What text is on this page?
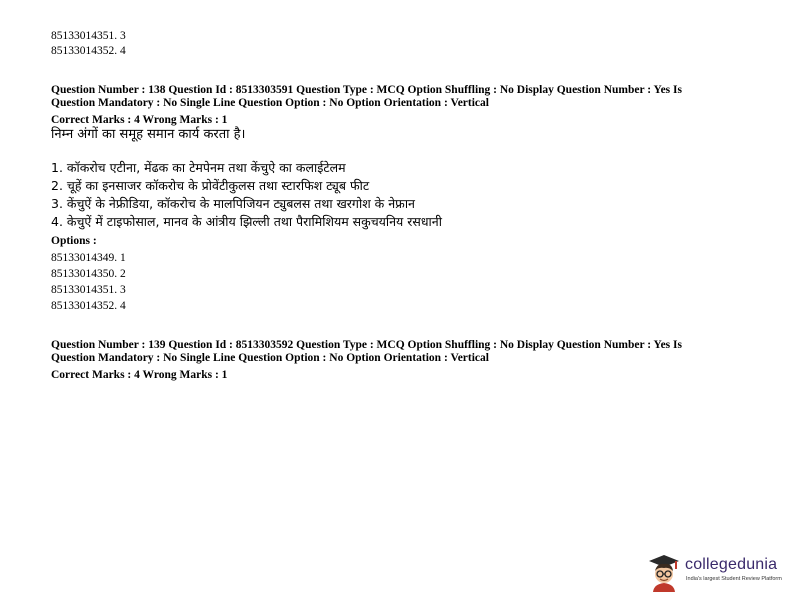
85133014351. 3
85133014352. 4
Question Number : 138 Question Id : 8513303591 Question Type : MCQ Option Shuffling : No Display Question Number : Yes Is
Question Mandatory : No Single Line Question Option : No Option Orientation : Vertical
Correct Marks : 4 Wrong Marks : 1
निम्न अंगों का समूह समान कार्य करता है।
1. कॉकरोच एटीना, मेंढक का टेमपेनम तथा केंचुऐ का कलाईटेलम
2. चूहें का इनसाजर कॉकरोच के प्रोवेंटीकुलस तथा स्टारफिश ट्यूब फीट
3. केंचुऐं के नेफ्रीडिया, कॉकरोच के मालपिजियन ट्युबलस तथा खरगोश के नेफ्रान
4. केचुऐं में टाइफोसाल, मानव के आंत्रीय झिल्ली तथा पैरामिशियम सकुचयनिय रसधानी
Options :
85133014349. 1
85133014350. 2
85133014351. 3
85133014352. 4
Question Number : 139 Question Id : 8513303592 Question Type : MCQ Option Shuffling : No Display Question Number : Yes Is
Question Mandatory : No Single Line Question Option : No Option Orientation : Vertical
Correct Marks : 4 Wrong Marks : 1
collegedunia
India's largest Student Review Platform
